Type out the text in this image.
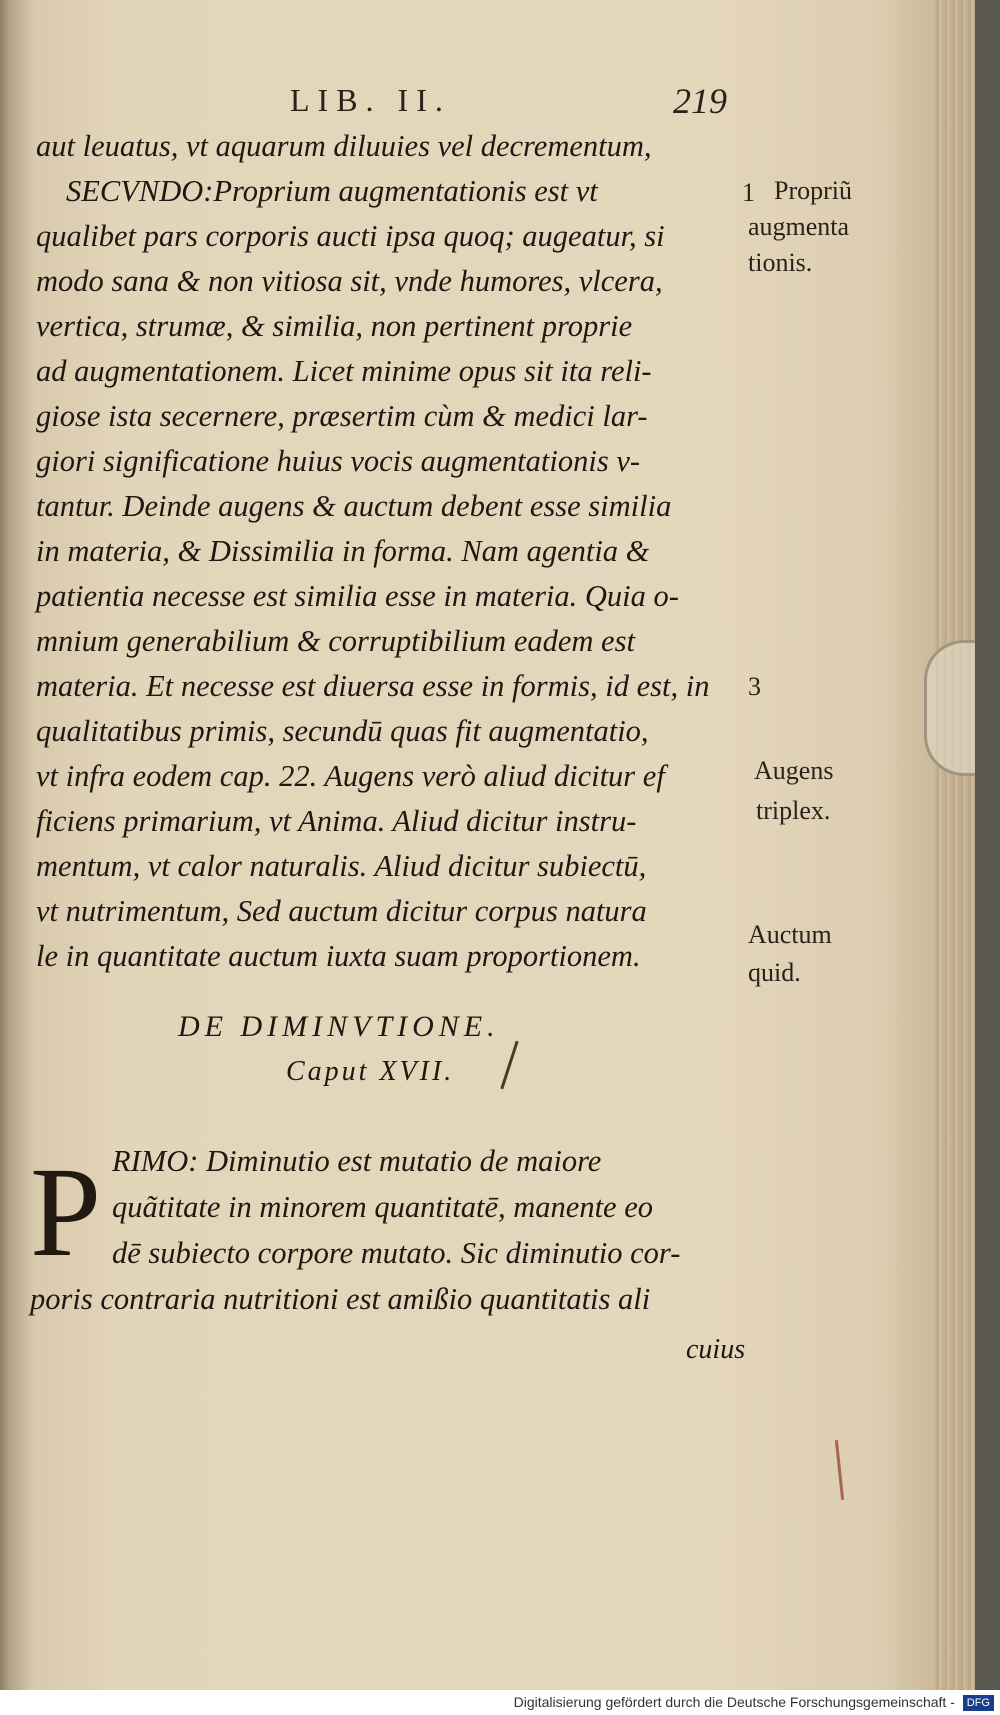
LIB. II.	219
aut leuatus, vt aquarum diluuies vel decrementum,
SECVNDO:Proprium augmentationis est vt
qualibet pars corporis aucti ipsa quoq; augeatur, si
modo sana & non vitiosa sit, vnde humores, vlcera,
vertica, strumæ, & similia, non pertinent proprie
ad augmentationem. Licet minime opus sit ita reli-
giose ista secernere, præsertim cùm & medici lar-
giori significatione huius vocis augmentationis v-
tantur. Deinde augens & auctum debent esse similia
in materia, & Dissimilia in forma. Nam agentia &
patientia necesse est similia esse in materia. Quia o-
mnium generabilium & corruptibilium eadem est
materia. Et necesse est diuersa esse in formis, id est, in
qualitatibus primis, secundū quas fit augmentatio,
vt infra eodem cap. 22. Augens verò aliud dicitur ef
ficiens primarium, vt Anima. Aliud dicitur instru-
mentum, vt calor naturalis. Aliud dicitur subiectū,
vt nutrimentum, Sed auctum dicitur corpus natura
le in quantitate auctum iuxta suam proportionem.
1 Propriũ
augmenta
tionis.
3
Augens
triplex.
Auctum
quid.
DE DIMINVTIONE.
Caput XVII.
P RIMO: Diminutio est mutatio de maiore
quãtitate in minorem quantitatē, manente eo
dē subiecto corpore mutato. Sic diminutio cor-
poris contraria nutritioni est amißio quantitatis ali
cuius
Digitalisierung gefördert durch die Deutsche Forschungsgemeinschaft - DFG
